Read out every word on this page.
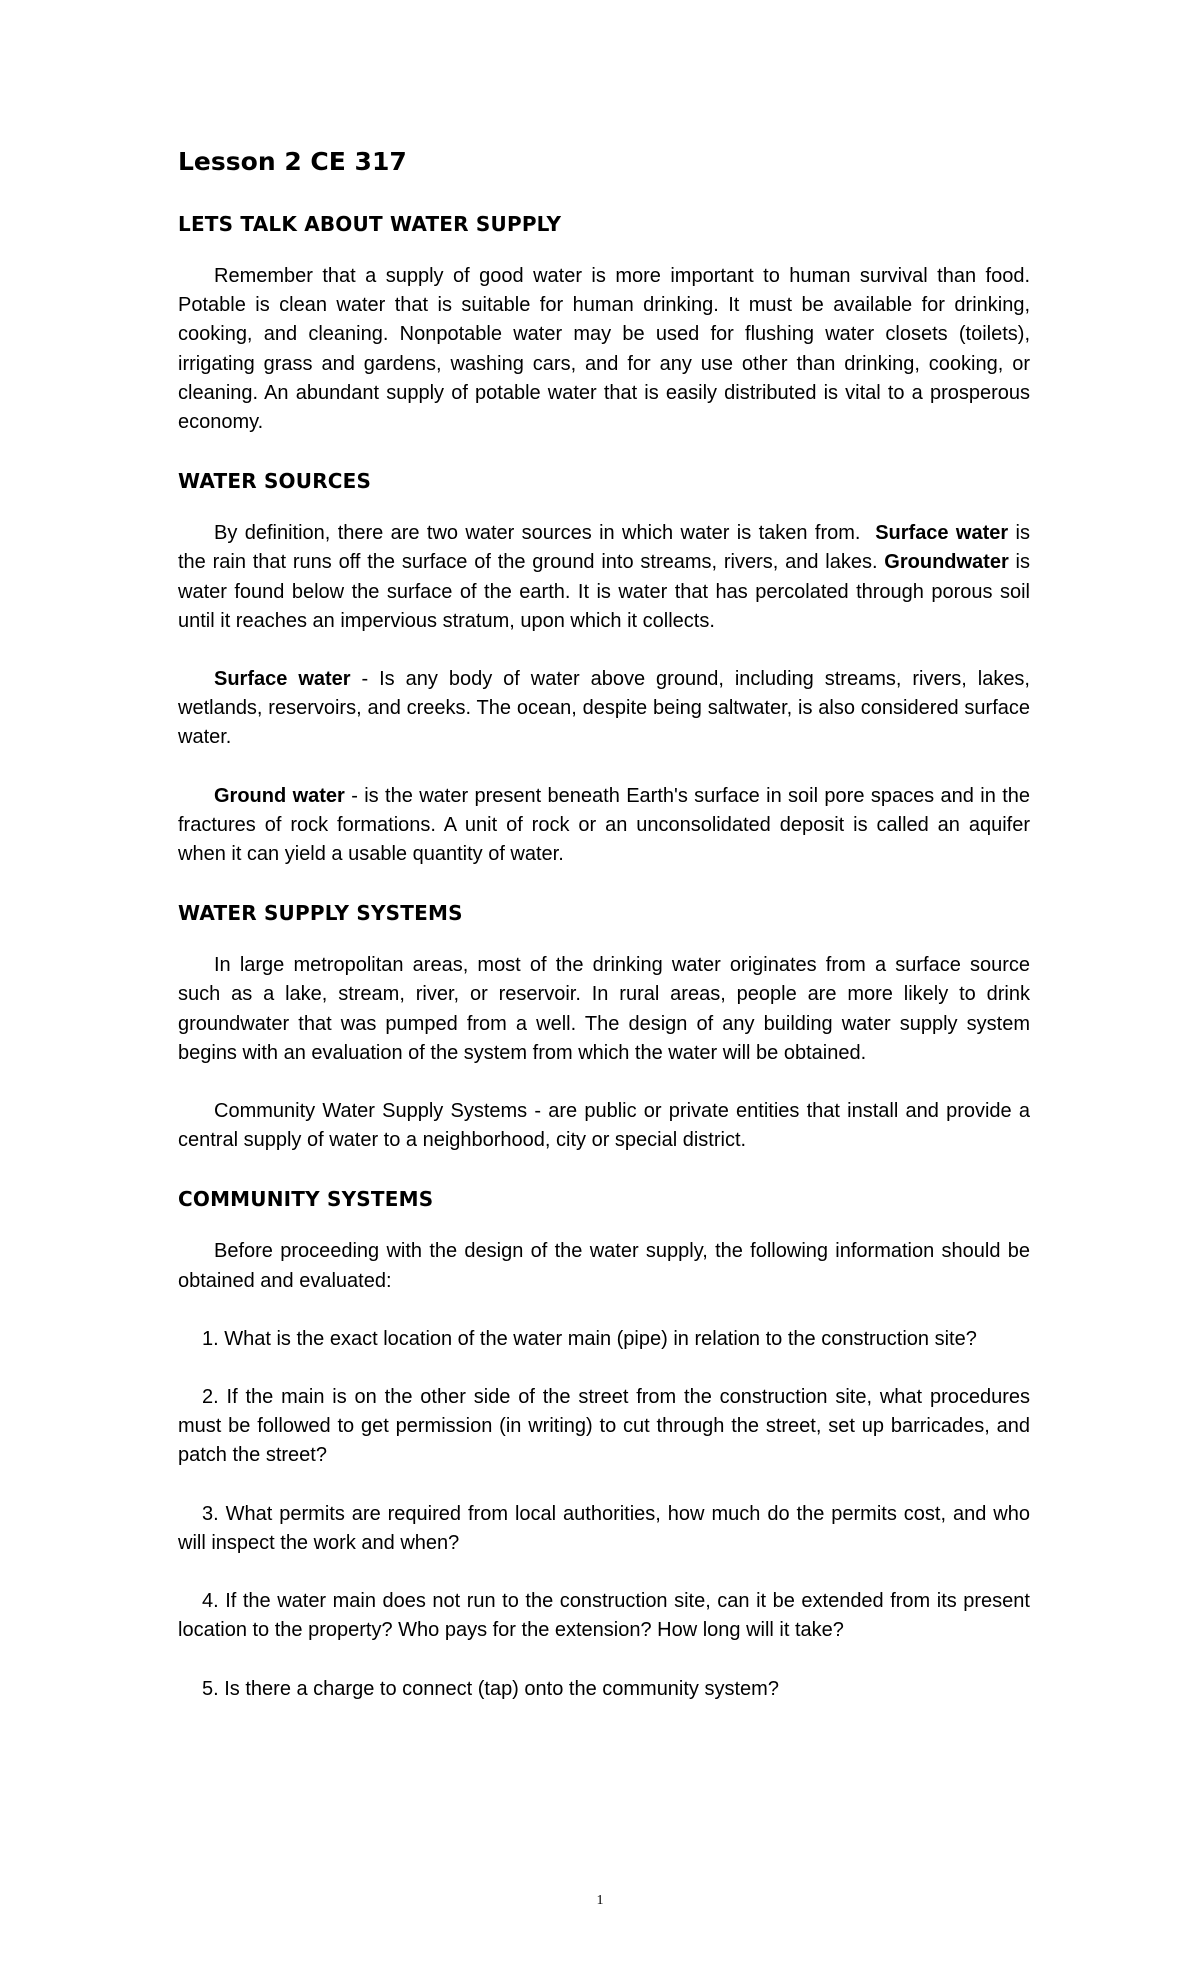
Lesson 2 CE 317
LETS TALK ABOUT WATER SUPPLY

Remember that a supply of good water is more important to human survival than food. Potable is clean water that is suitable for human drinking. It must be available for drinking, cooking, and cleaning. Nonpotable water may be used for flushing water closets (toilets), irrigating grass and gardens, washing cars, and for any use other than drinking, cooking, or cleaning. An abundant supply of potable water that is easily distributed is vital to a prosperous economy.

WATER SOURCES

By definition, there are two water sources in which water is taken from. Surface water is the rain that runs off the surface of the ground into streams, rivers, and lakes. Groundwater is water found below the surface of the earth. It is water that has percolated through porous soil until it reaches an impervious stratum, upon which it collects.

Surface water - Is any body of water above ground, including streams, rivers, lakes, wetlands, reservoirs, and creeks. The ocean, despite being saltwater, is also considered surface water.

Ground water - is the water present beneath Earth's surface in soil pore spaces and in the fractures of rock formations. A unit of rock or an unconsolidated deposit is called an aquifer when it can yield a usable quantity of water.

WATER SUPPLY SYSTEMS

In large metropolitan areas, most of the drinking water originates from a surface source such as a lake, stream, river, or reservoir. In rural areas, people are more likely to drink groundwater that was pumped from a well. The design of any building water supply system begins with an evaluation of the system from which the water will be obtained.

Community Water Supply Systems - are public or private entities that install and provide a central supply of water to a neighborhood, city or special district.

COMMUNITY SYSTEMS

Before proceeding with the design of the water supply, the following information should be obtained and evaluated:

1. What is the exact location of the water main (pipe) in relation to the construction site?

2. If the main is on the other side of the street from the construction site, what procedures must be followed to get permission (in writing) to cut through the street, set up barricades, and patch the street?

3. What permits are required from local authorities, how much do the permits cost, and who will inspect the work and when?

4. If the water main does not run to the construction site, can it be extended from its present location to the property? Who pays for the extension? How long will it take?

5. Is there a charge to connect (tap) onto the community system?

1
